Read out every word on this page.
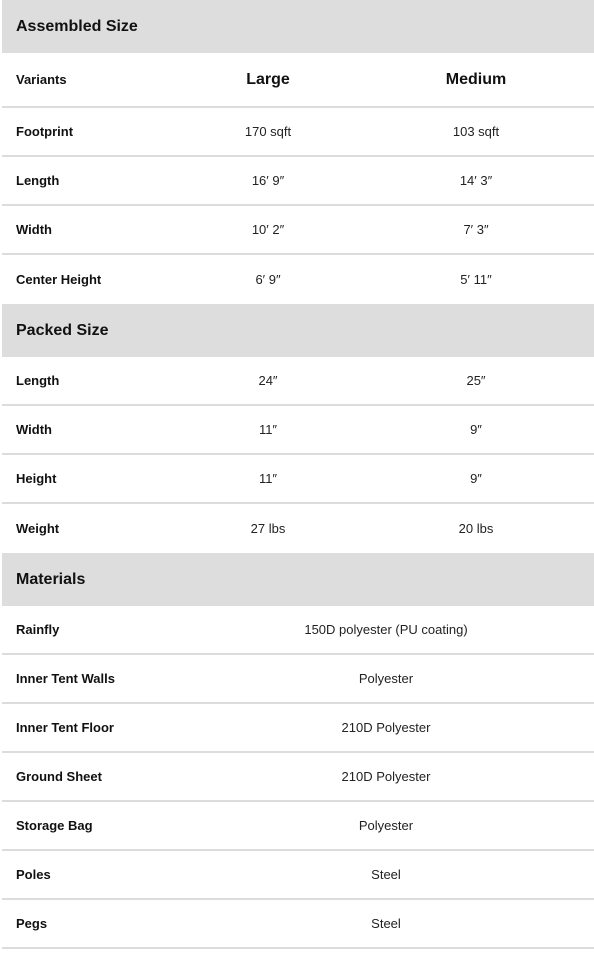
Assembled Size
Variants	Large	Medium
Footprint	170 sqft	103 sqft
Length	16′ 9″	14′ 3″
Width	10′ 2″	7′ 3″
Center Height	6′ 9″	5′ 11″
Packed Size
Length	24″	25″
Width	11″	9″
Height	11″	9″
Weight	27 lbs	20 lbs
Materials
Rainfly	150D polyester (PU coating)
Inner Tent Walls	Polyester
Inner Tent Floor	210D Polyester
Ground Sheet	210D Polyester
Storage Bag	Polyester
Poles	Steel
Pegs	Steel
